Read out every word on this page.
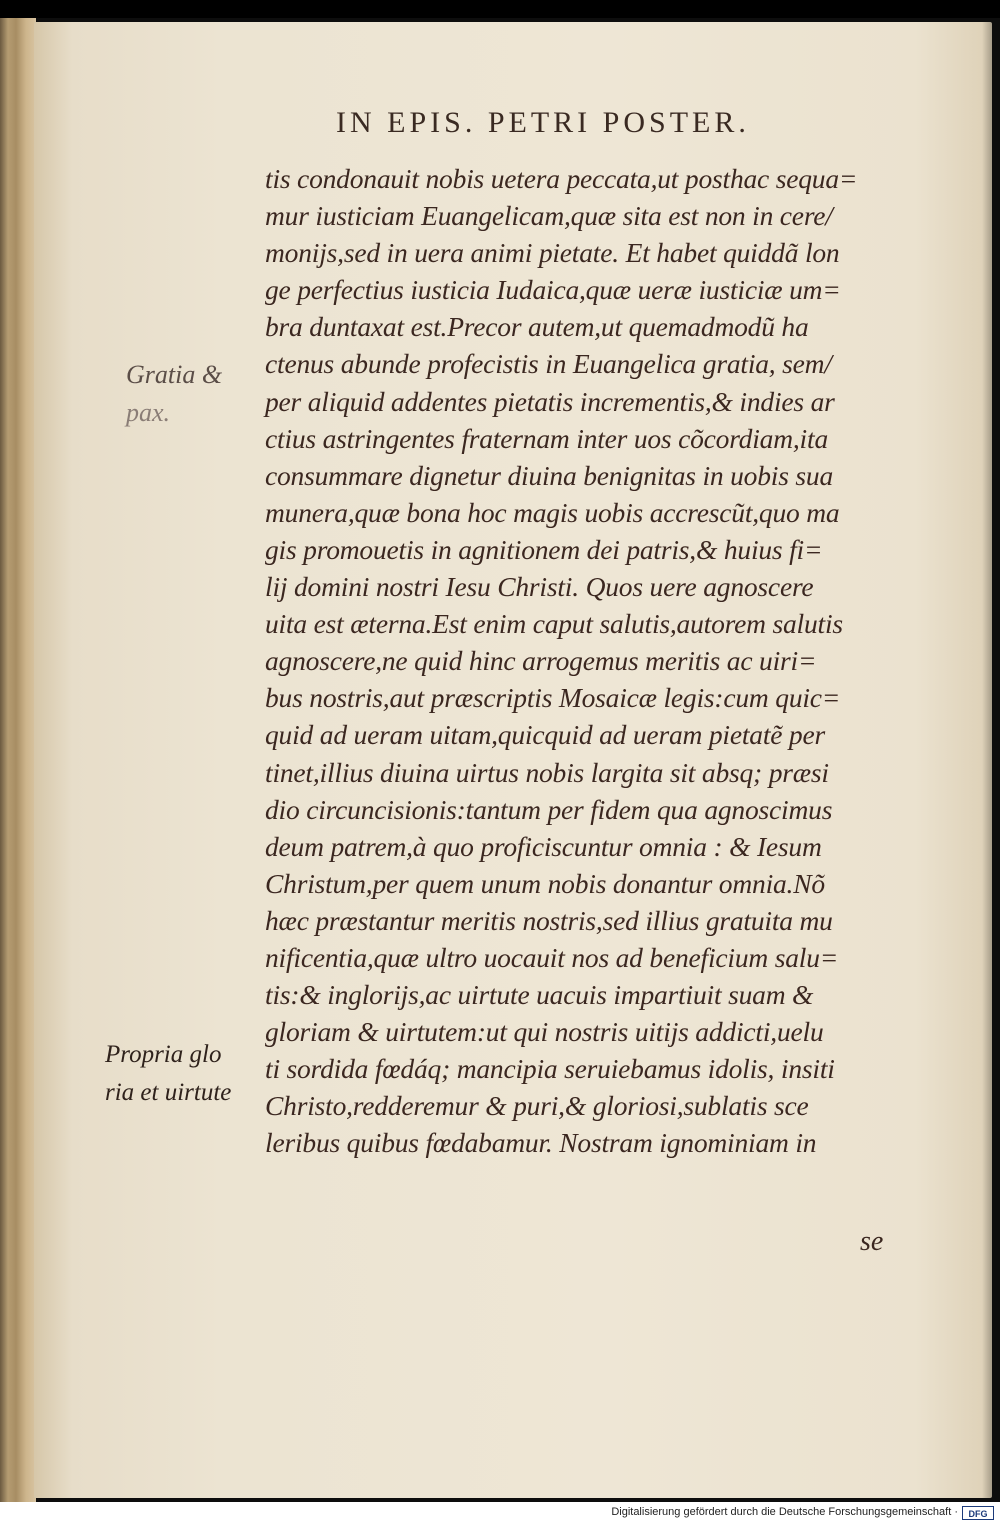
IN EPIS. PETRI POSTER.
Gratia &
pax.
Propria glo
ria et uirtute
tis condonauit nobis uetera peccata,ut posthac sequa=
mur iusticiam Euangelicam,quæ sita est non in cere/
monijs,sed in uera animi pietate. Et habet quiddã lon
ge perfectius iusticia Iudaica,quæ ueræ iusticiæ um=
bra duntaxat est.Precor autem,ut quemadmodũ ha
ctenus abunde profecistis in Euangelica gratia, sem/
per aliquid addentes pietatis incrementis,& indies ar
ctius astringentes fraternam inter uos cõcordiam,ita
consummare dignetur diuina benignitas in uobis sua
munera,quæ bona hoc magis uobis accrescũt,quo ma
gis promouetis in agnitionem dei patris,& huius fi=
lij domini nostri Iesu Christi. Quos uere agnoscere
uita est æterna.Est enim caput salutis,autorem salutis
agnoscere,ne quid hinc arrogemus meritis ac uiri=
bus nostris,aut præscriptis Mosaicæ legis:cum quic=
quid ad ueram uitam,quicquid ad ueram pietatẽ per
tinet,illius diuina uirtus nobis largita sit absq; præsi
dio circuncisionis:tantum per fidem qua agnoscimus
deum patrem,à quo proficiscuntur omnia : & Iesum
Christum,per quem unum nobis donantur omnia.Nõ
hæc præstantur meritis nostris,sed illius gratuita mu
nificentia,quæ ultro uocauit nos ad beneficium salu=
tis:& inglorijs,ac uirtute uacuis impartiuit suam &
gloriam & uirtutem:ut qui nostris uitijs addicti,uelu
ti sordida fœdáq; mancipia seruiebamus idolis, insiti
Christo,redderemur & puri,& gloriosi,sublatis sce
leribus quibus fœdabamur. Nostram ignominiam in
se
Digitalisierung gefördert durch die Deutsche Forschungsgemeinschaft ·	DFG
